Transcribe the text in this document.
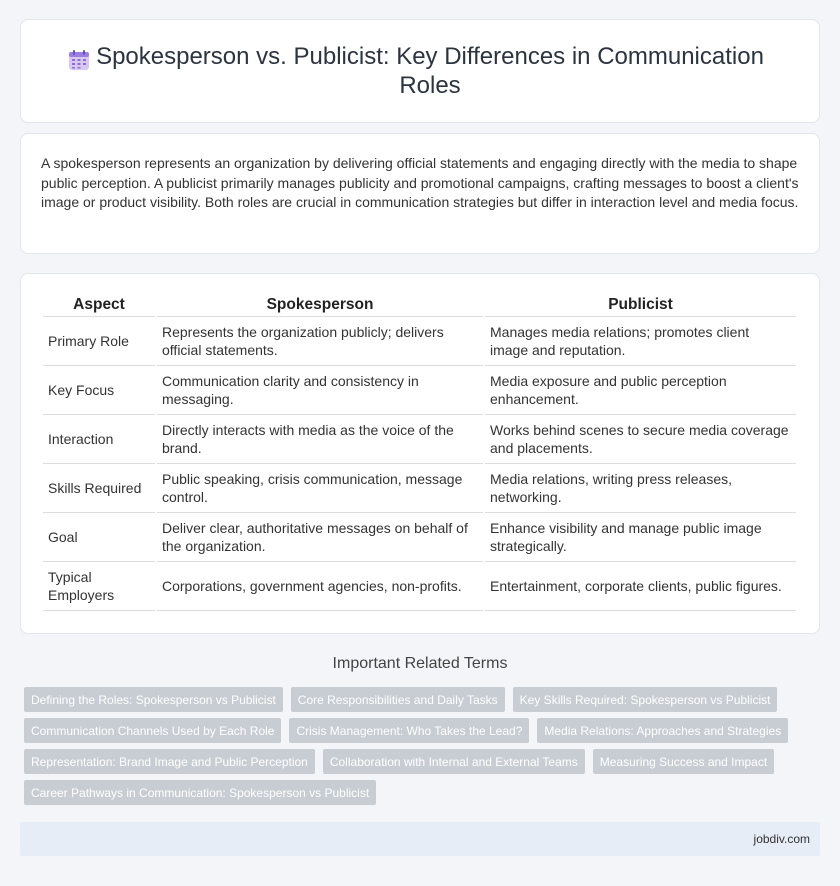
Spokesperson vs. Publicist: Key Differences in Communication Roles

A spokesperson represents an organization by delivering official statements and engaging directly with the media to shape public perception. A publicist primarily manages publicity and promotional campaigns, crafting messages to boost a client's image or product visibility. Both roles are crucial in communication strategies but differ in interaction level and media focus.

Aspect	Spokesperson	Publicist
Primary Role	Represents the organization publicly; delivers official statements.	Manages media relations; promotes client image and reputation.
Key Focus	Communication clarity and consistency in messaging.	Media exposure and public perception enhancement.
Interaction	Directly interacts with media as the voice of the brand.	Works behind scenes to secure media coverage and placements.
Skills Required	Public speaking, crisis communication, message control.	Media relations, writing press releases, networking.
Goal	Deliver clear, authoritative messages on behalf of the organization.	Enhance visibility and manage public image strategically.
Typical Employers	Corporations, government agencies, non-profits.	Entertainment, corporate clients, public figures.
Important Related Terms
Defining the Roles: Spokesperson vs Publicist	Core Responsibilities and Daily Tasks	Key Skills Required: Spokesperson vs Publicist
Communication Channels Used by Each Role	Crisis Management: Who Takes the Lead?	Media Relations: Approaches and Strategies
Representation: Brand Image and Public Perception	Collaboration with Internal and External Teams	Measuring Success and Impact
Career Pathways in Communication: Spokesperson vs Publicist
jobdiv.com
